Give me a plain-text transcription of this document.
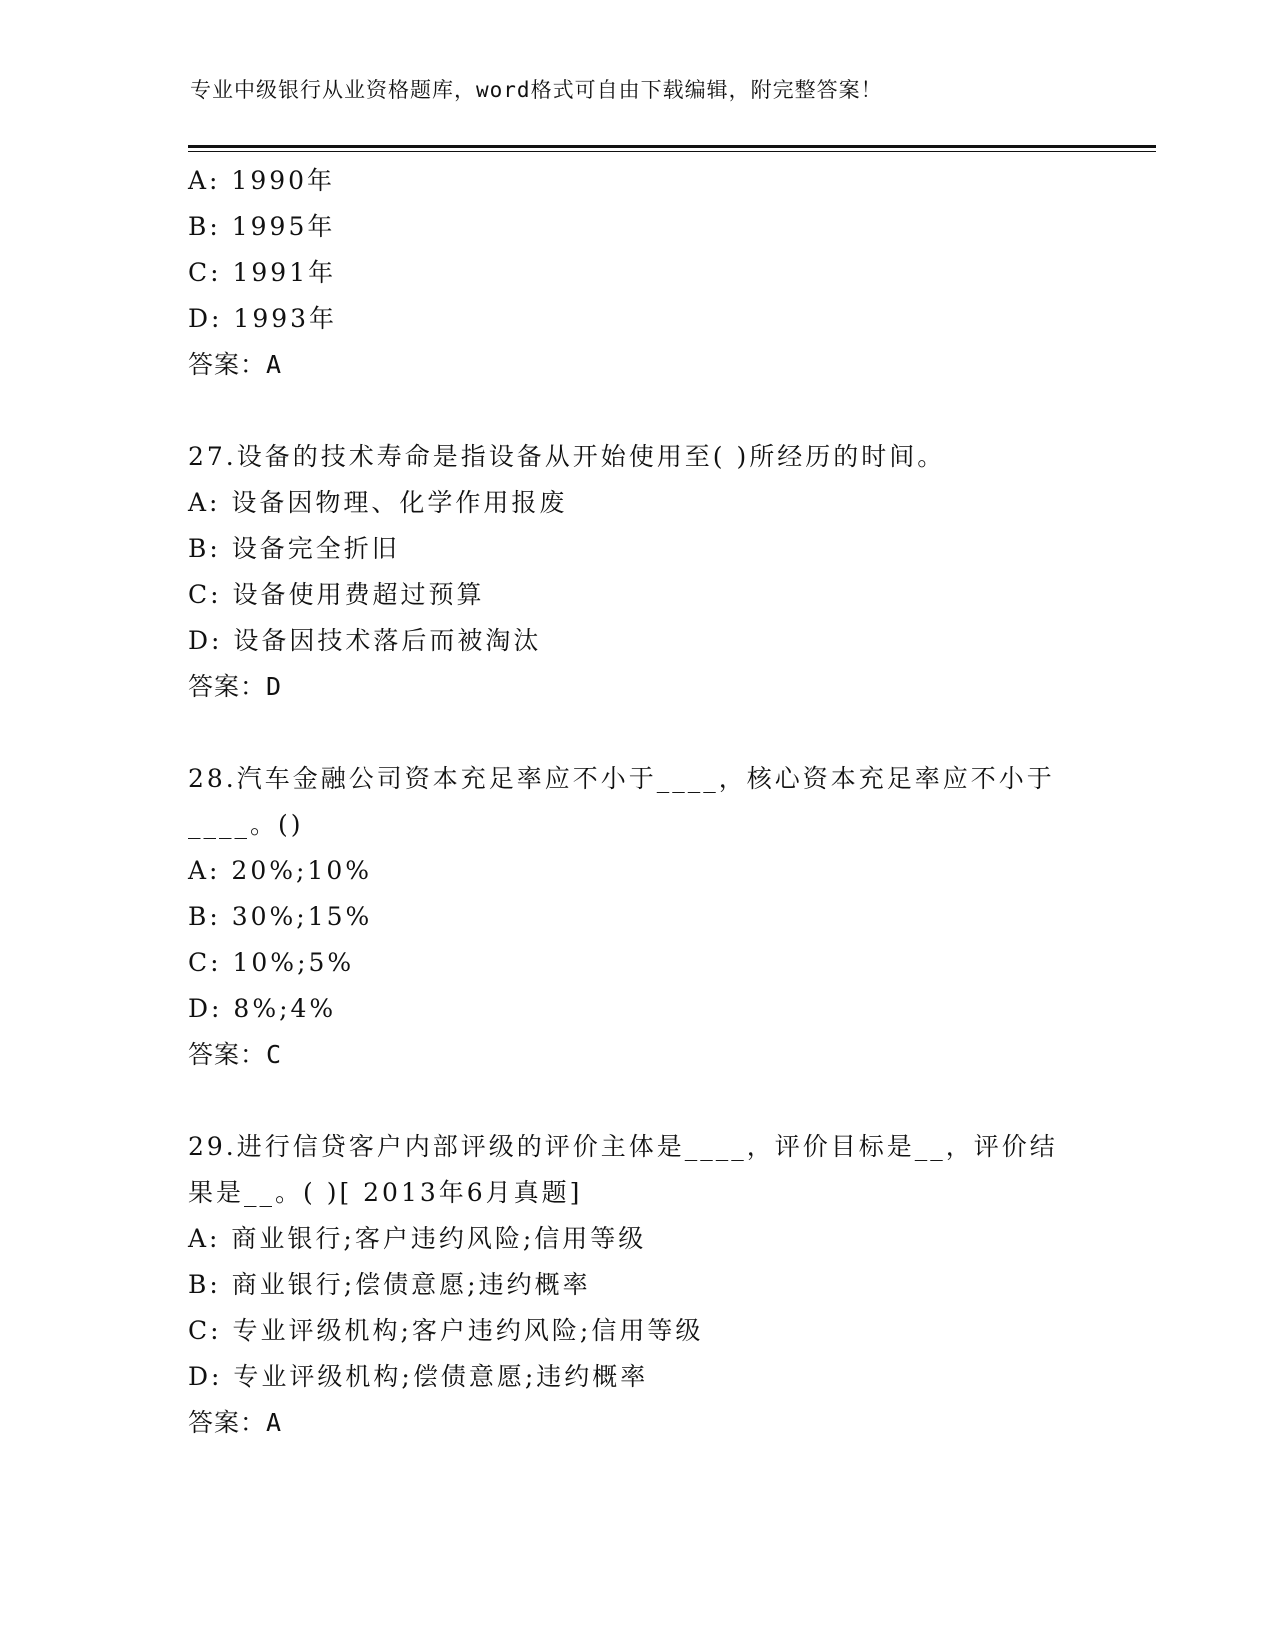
专业中级银行从业资格题库，word格式可自由下载编辑，附完整答案！
A: 1990年
B: 1995年
C: 1991年
D: 1993年
答案：A
27.设备的技术寿命是指设备从开始使用至( )所经历的时间。
A: 设备因物理、化学作用报废
B: 设备完全折旧
C: 设备使用费超过预算
D: 设备因技术落后而被淘汰
答案：D
28.汽车金融公司资本充足率应不小于____，核心资本充足率应不小于
____。()
A: 20%;10%
B: 30%;15%
C: 10%;5%
D: 8%;4%
答案：C
29.进行信贷客户内部评级的评价主体是____，评价目标是__，评价结
果是__。( )[ 2013年6月真题]
A: 商业银行;客户违约风险;信用等级
B: 商业银行;偿债意愿;违约概率
C: 专业评级机构;客户违约风险;信用等级
D: 专业评级机构;偿债意愿;违约概率
答案：A
